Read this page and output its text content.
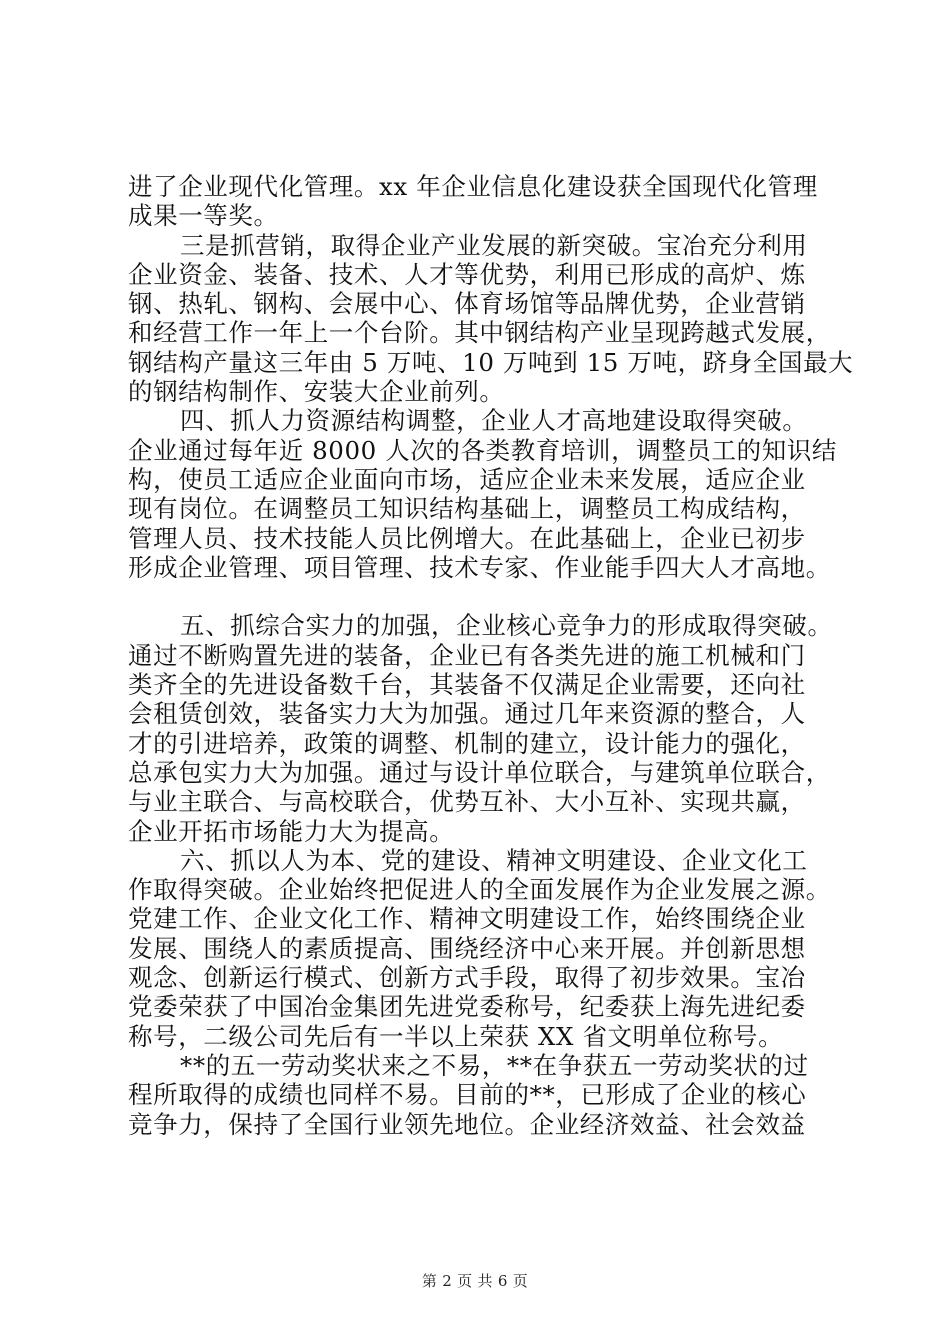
进了企业现代化管理。xx 年企业信息化建设获全国现代化管理
成果一等奖。
三是抓营销，取得企业产业发展的新突破。宝冶充分利用
企业资金、装备、技术、人才等优势，利用已形成的高炉、炼
钢、热轧、钢构、会展中心、体育场馆等品牌优势，企业营销
和经营工作一年上一个台阶。其中钢结构产业呈现跨越式发展，
钢结构产量这三年由 5 万吨、10 万吨到 15 万吨，跻身全国最大
的钢结构制作、安装大企业前列。
四、抓人力资源结构调整，企业人才高地建设取得突破。
企业通过每年近 8000 人次的各类教育培训，调整员工的知识结
构，使员工适应企业面向市场，适应企业未来发展，适应企业
现有岗位。在调整员工知识结构基础上，调整员工构成结构，
管理人员、技术技能人员比例增大。在此基础上，企业已初步
形成企业管理、项目管理、技术专家、作业能手四大人才高地。
五、抓综合实力的加强，企业核心竞争力的形成取得突破。
通过不断购置先进的装备，企业已有各类先进的施工机械和门
类齐全的先进设备数千台，其装备不仅满足企业需要，还向社
会租赁创效，装备实力大为加强。通过几年来资源的整合，人
才的引进培养，政策的调整、机制的建立，设计能力的强化，
总承包实力大为加强。通过与设计单位联合，与建筑单位联合，
与业主联合、与高校联合，优势互补、大小互补、实现共赢，
企业开拓市场能力大为提高。
六、抓以人为本、党的建设、精神文明建设、企业文化工
作取得突破。企业始终把促进人的全面发展作为企业发展之源。
党建工作、企业文化工作、精神文明建设工作，始终围绕企业
发展、围绕人的素质提高、围绕经济中心来开展。并创新思想
观念、创新运行模式、创新方式手段，取得了初步效果。宝冶
党委荣获了中国冶金集团先进党委称号，纪委获上海先进纪委
称号，二级公司先后有一半以上荣获 XX 省文明单位称号。
**的五一劳动奖状来之不易，**在争获五一劳动奖状的过
程所取得的成绩也同样不易。目前的**，已形成了企业的核心
竞争力，保持了全国行业领先地位。企业经济效益、社会效益
第 2 页 共 6 页
